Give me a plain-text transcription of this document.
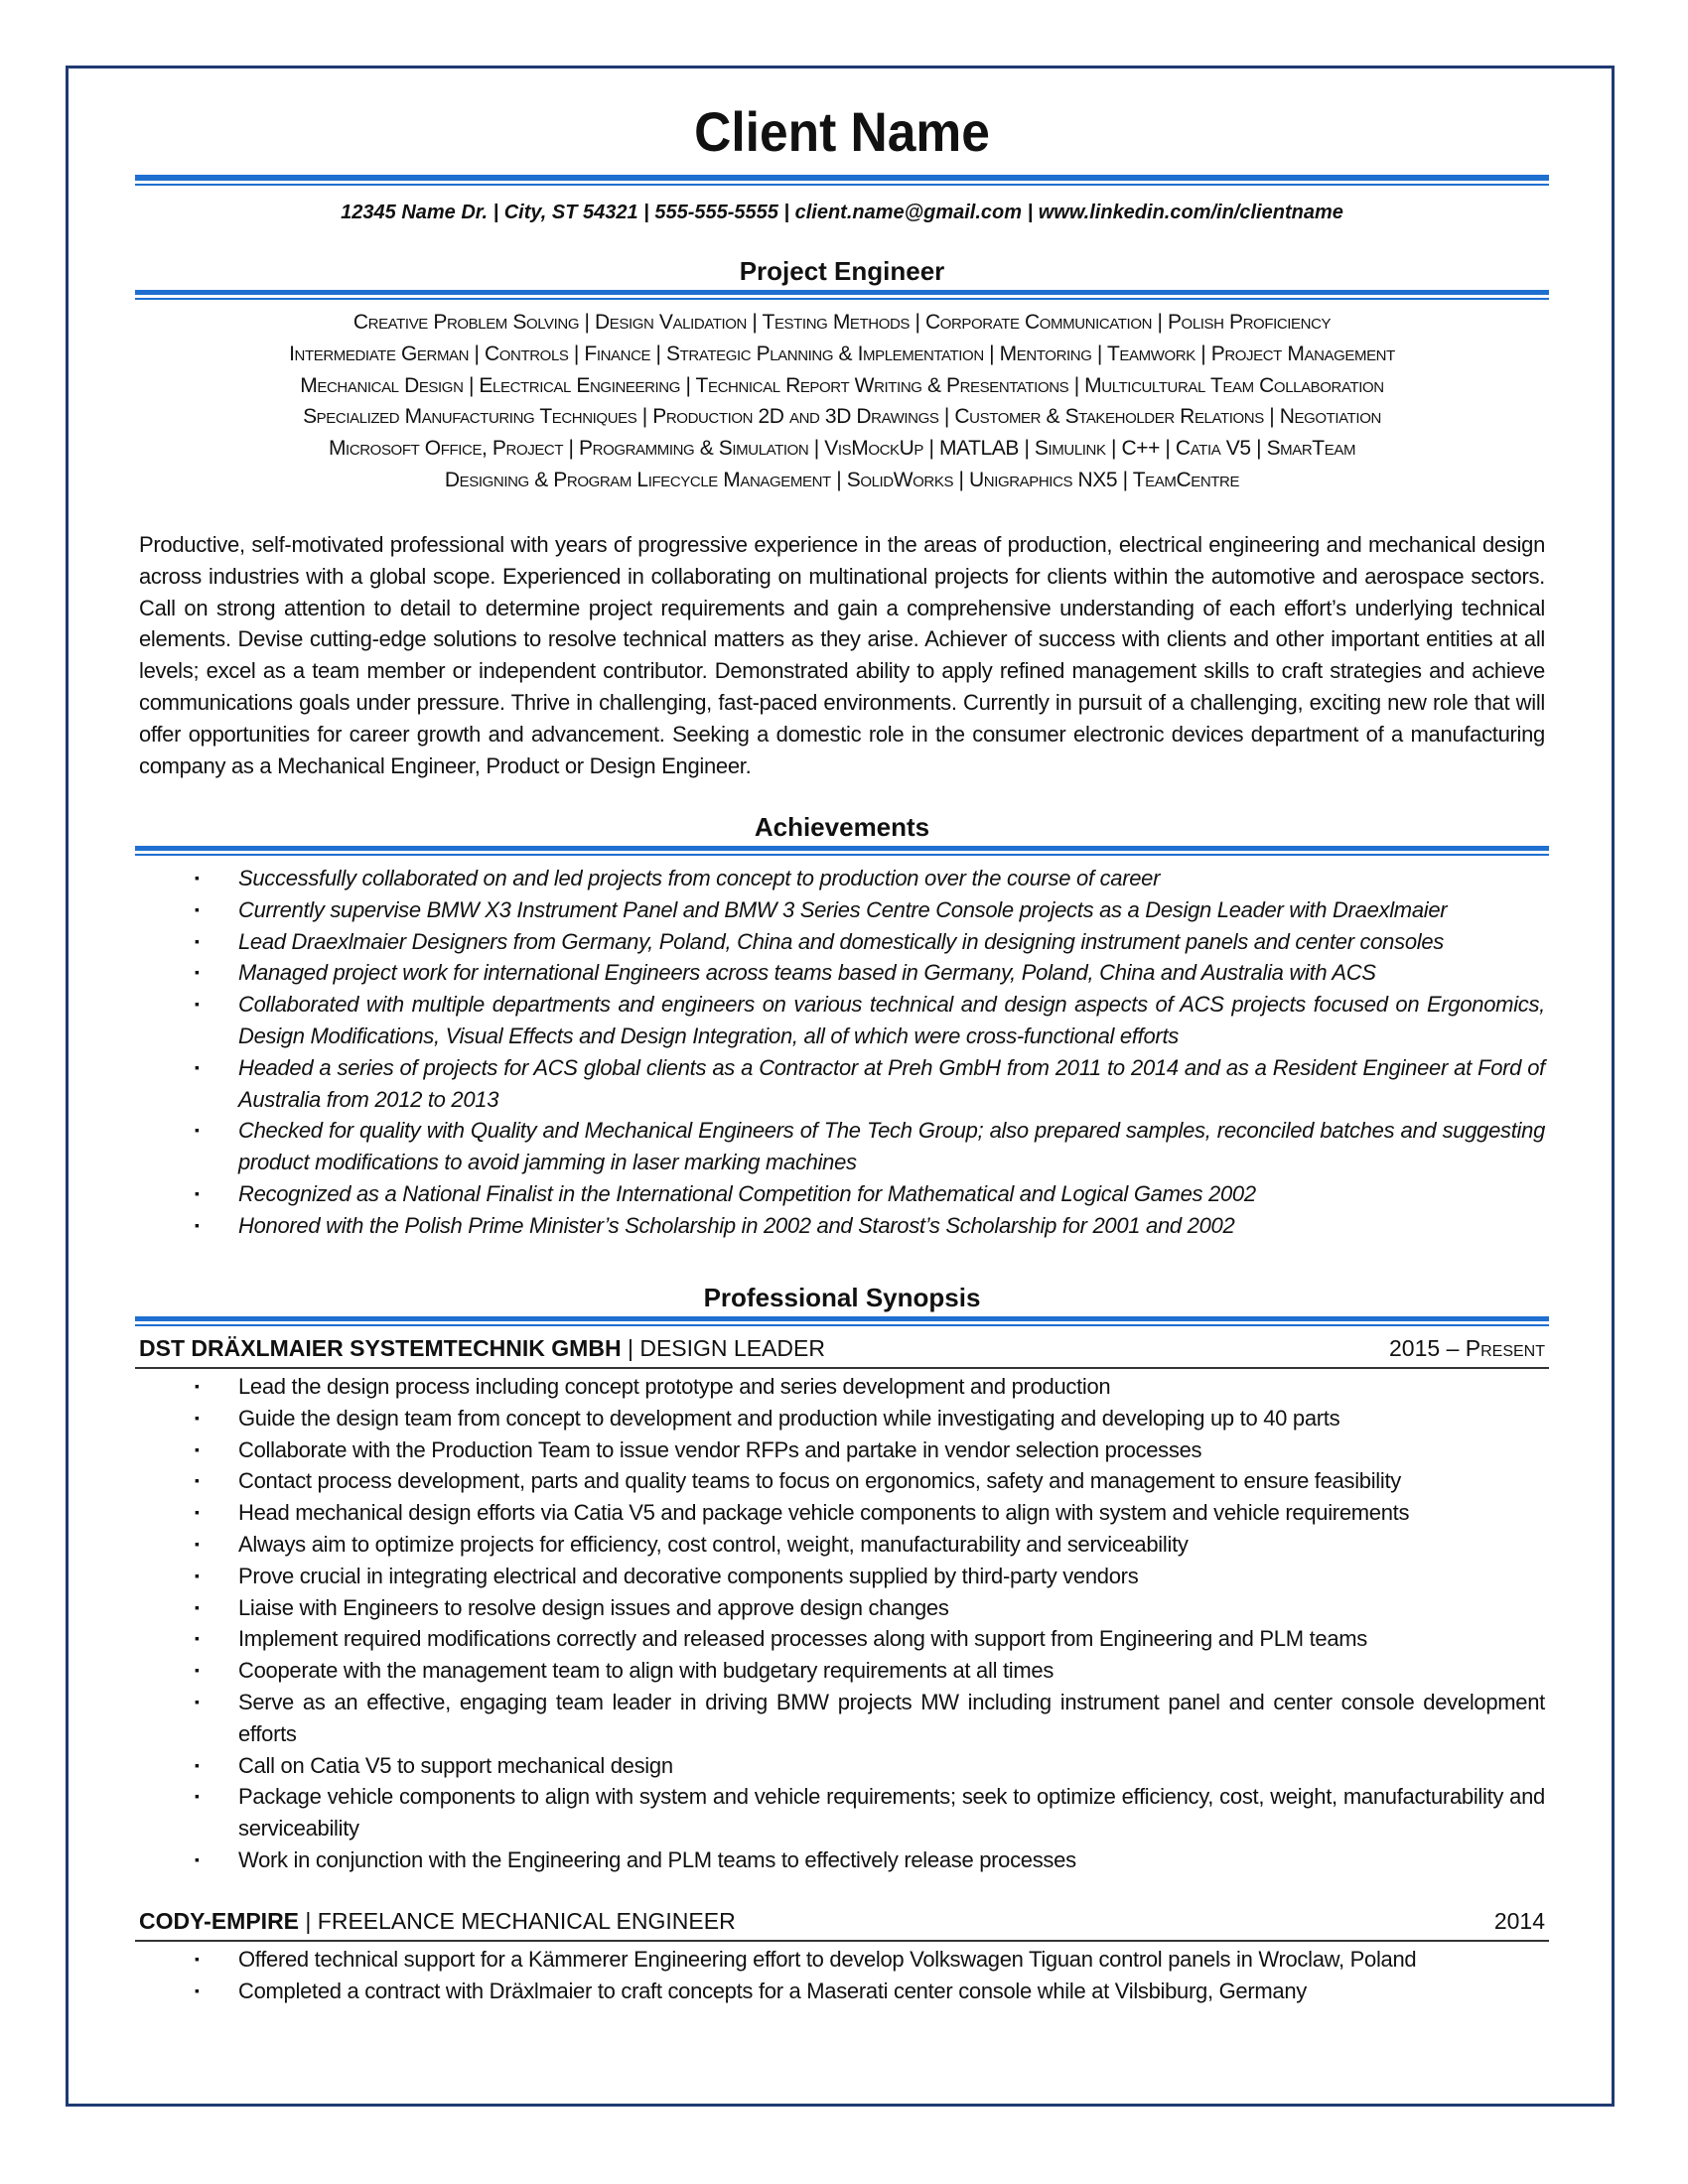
Client Name
12345 Name Dr. | City, ST 54321 | 555-555-5555 | client.name@gmail.com | www.linkedin.com/in/clientname
Project Engineer
Creative Problem Solving | Design Validation | Testing Methods | Corporate Communication | Polish Proficiency
Intermediate German | Controls | Finance | Strategic Planning & Implementation | Mentoring | Teamwork | Project Management
Mechanical Design | Electrical Engineering | Technical Report Writing & Presentations | Multicultural Team Collaboration
Specialized Manufacturing Techniques | Production 2D and 3D Drawings | Customer & Stakeholder Relations | Negotiation
Microsoft Office, Project | Programming & Simulation | VisMockUp | MATLAB | Simulink | C++ | Catia V5 | SmarTeam
Designing & Program Lifecycle Management | SolidWorks | Unigraphics NX5 | TeamCentre
Productive, self-motivated professional with years of progressive experience in the areas of production, electrical engineering and mechanical design across industries with a global scope. Experienced in collaborating on multinational projects for clients within the automotive and aerospace sectors. Call on strong attention to detail to determine project requirements and gain a comprehensive understanding of each effort’s underlying technical elements. Devise cutting-edge solutions to resolve technical matters as they arise. Achiever of success with clients and other important entities at all levels; excel as a team member or independent contributor. Demonstrated ability to apply refined management skills to craft strategies and achieve communications goals under pressure. Thrive in challenging, fast-paced environments. Currently in pursuit of a challenging, exciting new role that will offer opportunities for career growth and advancement. Seeking a domestic role in the consumer electronic devices department of a manufacturing company as a Mechanical Engineer, Product or Design Engineer.
Achievements
▪ Successfully collaborated on and led projects from concept to production over the course of career
▪ Currently supervise BMW X3 Instrument Panel and BMW 3 Series Centre Console projects as a Design Leader with Draexlmaier
▪ Lead Draexlmaier Designers from Germany, Poland, China and domestically in designing instrument panels and center consoles
▪ Managed project work for international Engineers across teams based in Germany, Poland, China and Australia with ACS
▪ Collaborated with multiple departments and engineers on various technical and design aspects of ACS projects focused on Ergonomics, Design Modifications, Visual Effects and Design Integration, all of which were cross-functional efforts
▪ Headed a series of projects for ACS global clients as a Contractor at Preh GmbH from 2011 to 2014 and as a Resident Engineer at Ford of Australia from 2012 to 2013
▪ Checked for quality with Quality and Mechanical Engineers of The Tech Group; also prepared samples, reconciled batches and suggesting product modifications to avoid jamming in laser marking machines
▪ Recognized as a National Finalist in the International Competition for Mathematical and Logical Games 2002
▪ Honored with the Polish Prime Minister’s Scholarship in 2002 and Starost’s Scholarship for 2001 and 2002
Professional Synopsis
DST DRÄXLMAIER SYSTEMTECHNIK GMBH | DESIGN LEADER	2015 – Present
▪ Lead the design process including concept prototype and series development and production
▪ Guide the design team from concept to development and production while investigating and developing up to 40 parts
▪ Collaborate with the Production Team to issue vendor RFPs and partake in vendor selection processes
▪ Contact process development, parts and quality teams to focus on ergonomics, safety and management to ensure feasibility
▪ Head mechanical design efforts via Catia V5 and package vehicle components to align with system and vehicle requirements
▪ Always aim to optimize projects for efficiency, cost control, weight, manufacturability and serviceability
▪ Prove crucial in integrating electrical and decorative components supplied by third-party vendors
▪ Liaise with Engineers to resolve design issues and approve design changes
▪ Implement required modifications correctly and released processes along with support from Engineering and PLM teams
▪ Cooperate with the management team to align with budgetary requirements at all times
▪ Serve as an effective, engaging team leader in driving BMW projects MW including instrument panel and center console development efforts
▪ Call on Catia V5 to support mechanical design
▪ Package vehicle components to align with system and vehicle requirements; seek to optimize efficiency, cost, weight, manufacturability and serviceability
▪ Work in conjunction with the Engineering and PLM teams to effectively release processes
CODY-EMPIRE | FREELANCE MECHANICAL ENGINEER	2014
▪ Offered technical support for a Kämmerer Engineering effort to develop Volkswagen Tiguan control panels in Wroclaw, Poland
▪ Completed a contract with Dräxlmaier to craft concepts for a Maserati center console while at Vilsbiburg, Germany
